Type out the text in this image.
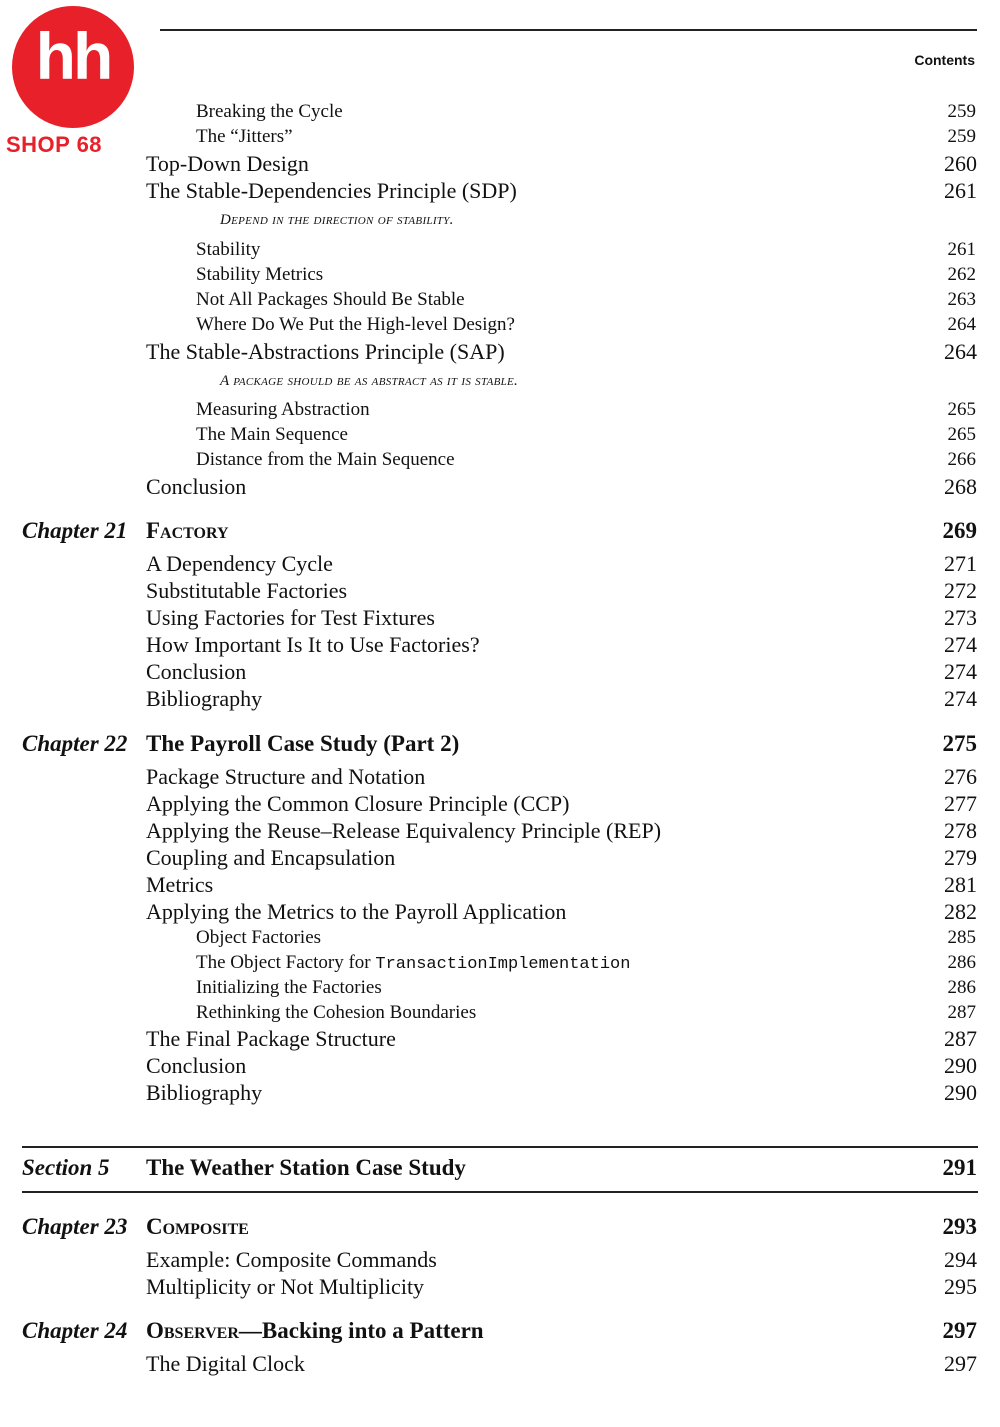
hh
SHOP 68
Contents
Breaking the Cycle	259
The “Jitters”	259
Top-Down Design	260
The Stable-Dependencies Principle (SDP)	261
Depend in the direction of stability.
Stability	261
Stability Metrics	262
Not All Packages Should Be Stable	263
Where Do We Put the High-level Design?	264
The Stable-Abstractions Principle (SAP)	264
A package should be as abstract as it is stable.
Measuring Abstraction	265
The Main Sequence	265
Distance from the Main Sequence	266
Conclusion	268
Chapter 21 Factory	269
A Dependency Cycle	271
Substitutable Factories	272
Using Factories for Test Fixtures	273
How Important Is It to Use Factories?	274
Conclusion	274
Bibliography	274
Chapter 22 The Payroll Case Study (Part 2)	275
Package Structure and Notation	276
Applying the Common Closure Principle (CCP)	277
Applying the Reuse–Release Equivalency Principle (REP)	278
Coupling and Encapsulation	279
Metrics	281
Applying the Metrics to the Payroll Application	282
Object Factories	285
The Object Factory for TransactionImplementation	286
Initializing the Factories	286
Rethinking the Cohesion Boundaries	287
The Final Package Structure	287
Conclusion	290
Bibliography	290
Section 5 The Weather Station Case Study	291
Chapter 23 Composite	293
Example: Composite Commands	294
Multiplicity or Not Multiplicity	295
Chapter 24 Observer—Backing into a Pattern	297
The Digital Clock	297
